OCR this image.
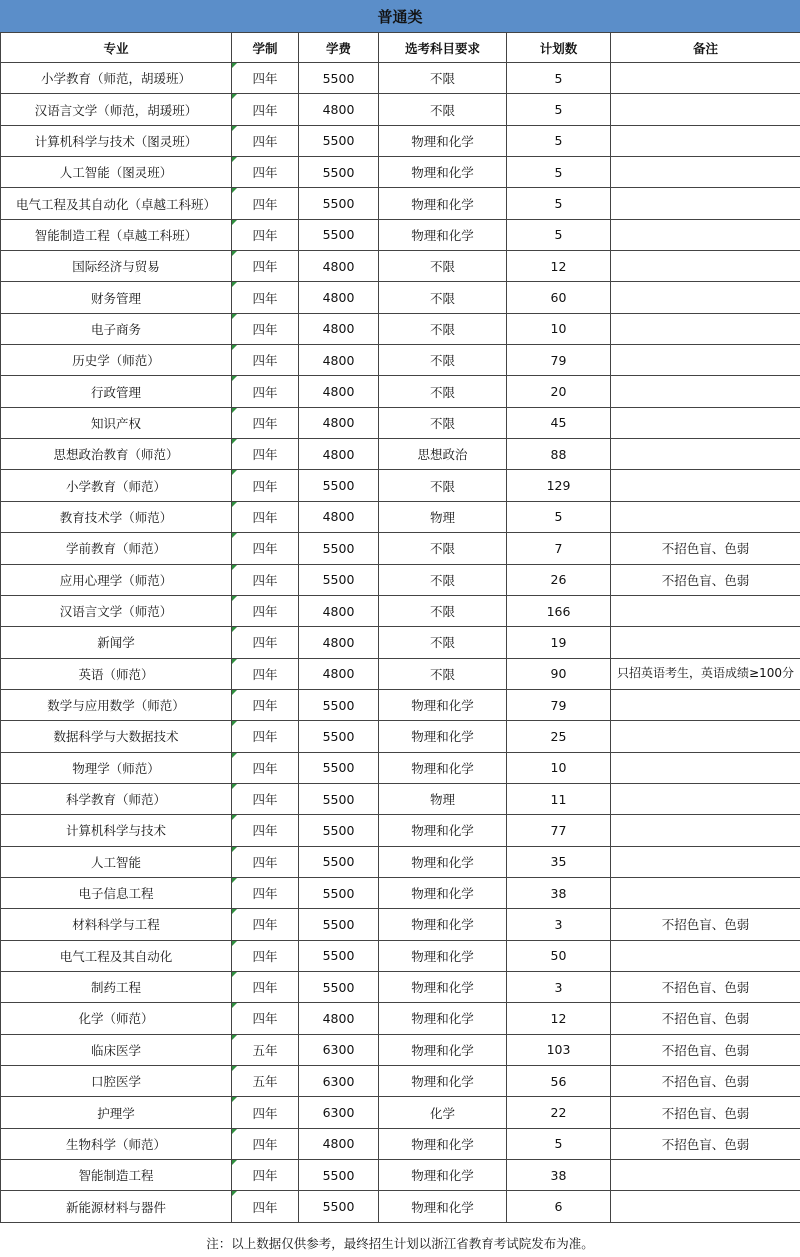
普通类
专业	学制	学费	选考科目要求	计划数	备注
小学教育（师范，胡瑗班）	四年	5500	不限	5	
汉语言文学（师范，胡瑗班）	四年	4800	不限	5	
计算机科学与技术（图灵班）	四年	5500	物理和化学	5	
人工智能（图灵班）	四年	5500	物理和化学	5	
电气工程及其自动化（卓越工科班）	四年	5500	物理和化学	5	
智能制造工程（卓越工科班）	四年	5500	物理和化学	5	
国际经济与贸易	四年	4800	不限	12	
财务管理	四年	4800	不限	60	
电子商务	四年	4800	不限	10	
历史学（师范）	四年	4800	不限	79	
行政管理	四年	4800	不限	20	
知识产权	四年	4800	不限	45	
思想政治教育（师范）	四年	4800	思想政治	88	
小学教育（师范）	四年	5500	不限	129	
教育技术学（师范）	四年	4800	物理	5	
学前教育（师范）	四年	5500	不限	7	不招色盲、色弱
应用心理学（师范）	四年	5500	不限	26	不招色盲、色弱
汉语言文学（师范）	四年	4800	不限	166	
新闻学	四年	4800	不限	19	
英语（师范）	四年	4800	不限	90	只招英语考生，英语成绩≥100分
数学与应用数学（师范）	四年	5500	物理和化学	79	
数据科学与大数据技术	四年	5500	物理和化学	25	
物理学（师范）	四年	5500	物理和化学	10	
科学教育（师范）	四年	5500	物理	11	
计算机科学与技术	四年	5500	物理和化学	77	
人工智能	四年	5500	物理和化学	35	
电子信息工程	四年	5500	物理和化学	38	
材料科学与工程	四年	5500	物理和化学	3	不招色盲、色弱
电气工程及其自动化	四年	5500	物理和化学	50	
制药工程	四年	5500	物理和化学	3	不招色盲、色弱
化学（师范）	四年	4800	物理和化学	12	不招色盲、色弱
临床医学	五年	6300	物理和化学	103	不招色盲、色弱
口腔医学	五年	6300	物理和化学	56	不招色盲、色弱
护理学	四年	6300	化学	22	不招色盲、色弱
生物科学（师范）	四年	4800	物理和化学	5	不招色盲、色弱
智能制造工程	四年	5500	物理和化学	38	
新能源材料与器件	四年	5500	物理和化学	6	
注：以上数据仅供参考，最终招生计划以浙江省教育考试院发布为准。
